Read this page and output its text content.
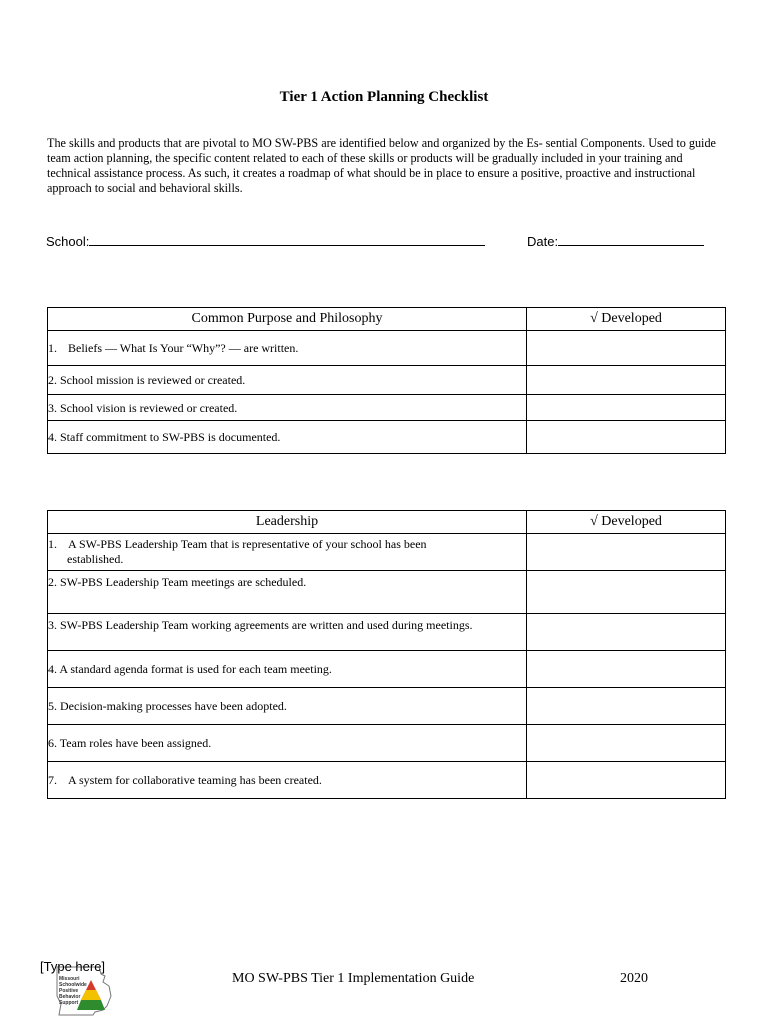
Tier 1 Action Planning Checklist
The skills and products that are pivotal to MO SW-PBS are identified below and organized by the Es- sential Components. Used to guide team action planning, the specific content related to each of these skills or products will be gradually included in your training and technical assistance process. As such, it creates a roadmap of what should be in place to ensure a positive, proactive and instructional approach to social and behavioral skills.
School:	Date:
Common Purpose and Philosophy	√ Developed
1. Beliefs — What Is Your “Why”? — are written.	
2. School mission is reviewed or created.	
3. School vision is reviewed or created.	
4. Staff commitment to SW-PBS is documented.	
Leadership	√ Developed
1. A SW-PBS Leadership Team that is representative of your school has been
established.	

2. SW-PBS Leadership Team meetings are scheduled.	
3. SW-PBS Leadership Team working agreements are written and used during meetings.	
4. A standard agenda format is used for each team meeting.	
5. Decision-making processes have been adopted.	
6. Team roles have been assigned.	
7. A system for collaborative teaming has been created.	
Missouri
Schoolwide
Positive
Behavior
Support
[Type here]
MO SW-PBS Tier 1 Implementation Guide	2020
